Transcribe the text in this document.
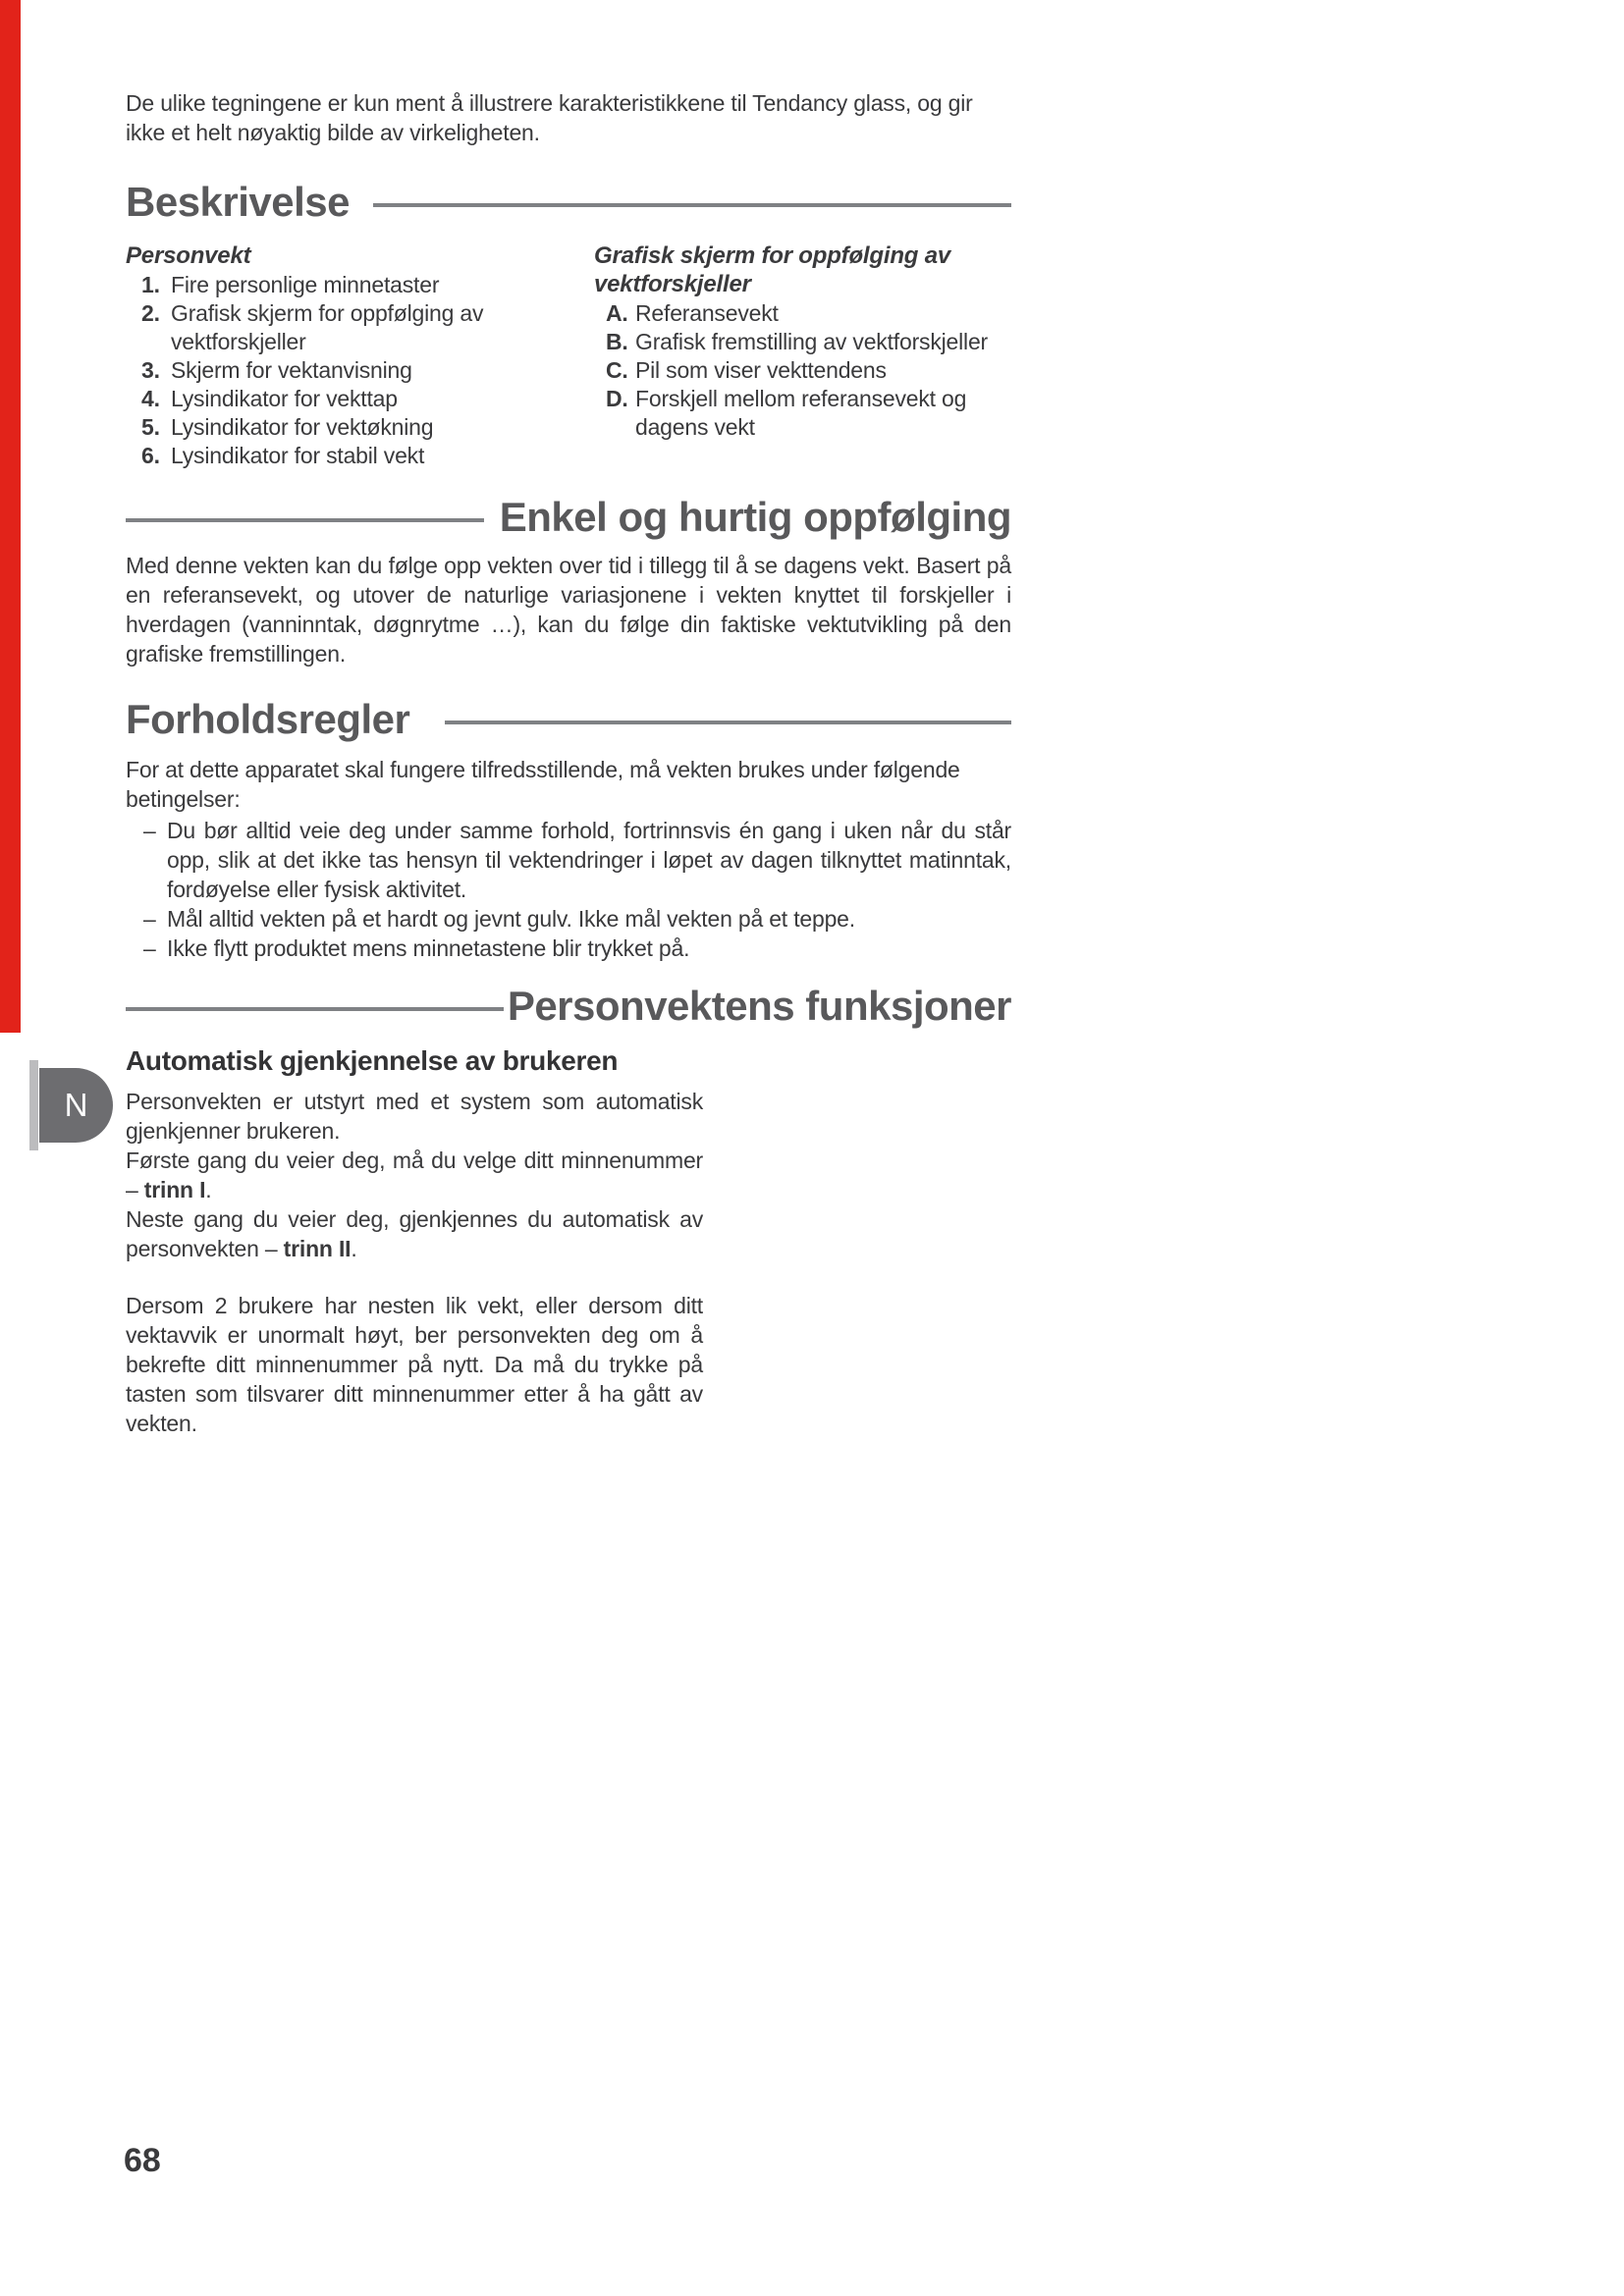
N

De ulike tegningene er kun ment å illustrere karakteristikkene til Tendancy glass, og gir ikke et helt nøyaktig bilde av virkeligheten.

Beskrivelse
Personvekt
1. Fire personlige minnetaster
2. Grafisk skjerm for oppfølging av vektforskjeller
3. Skjerm for vektanvisning
4. Lysindikator for vekttap
5. Lysindikator for vektøkning
6. Lysindikator for stabil vekt
Grafisk skjerm for oppfølging av vektforskjeller
A. Referansevekt
B. Grafisk fremstilling av vektforskjeller
C. Pil som viser vekttendens
D. Forskjell mellom referansevekt og dagens vekt
Enkel og hurtig oppfølging

Med denne vekten kan du følge opp vekten over tid i tillegg til å se dagens vekt. Basert på en referansevekt, og utover de naturlige variasjonene i vekten knyttet til forskjeller i hverdagen (vanninntak, døgnrytme …), kan du følge din faktiske vektutvikling på den grafiske fremstillingen.

Forholdsregler

For at dette apparatet skal fungere tilfredsstillende, må vekten brukes under følgende betingelser:

– Du bør alltid veie deg under samme forhold, fortrinnsvis én gang i uken når du står opp, slik at det ikke tas hensyn til vektendringer i løpet av dagen tilknyttet matinntak, fordøyelse eller fysisk aktivitet.
– Mål alltid vekten på et hardt og jevnt gulv. Ikke mål vekten på et teppe.
– Ikke flytt produktet mens minnetastene blir trykket på.
Personvektens funksjoner
Automatisk gjenkjennelse av brukeren

Personvekten er utstyrt med et system som automatisk gjenkjenner brukeren.

Første gang du veier deg, må du velge ditt minnenummer – trinn I.

Neste gang du veier deg, gjenkjennes du automatisk av personvekten – trinn II.

Dersom 2 brukere har nesten lik vekt, eller dersom ditt vektavvik er unormalt høyt, ber personvekten deg om å bekrefte ditt minnenummer på nytt. Da må du trykke på tasten som tilsvarer ditt minnenummer etter å ha gått av vekten.

68
